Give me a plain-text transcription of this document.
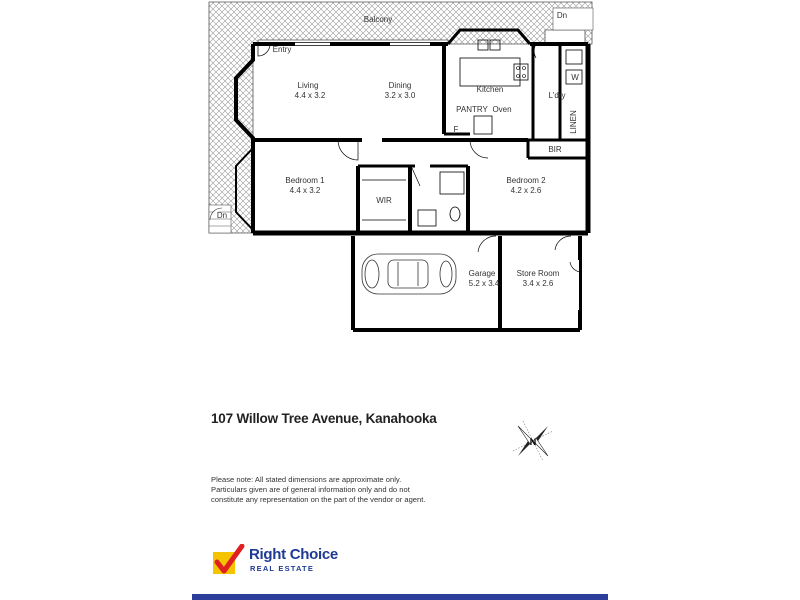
Balcony	Dn
Dn
Entry
Living
4.4 x 3.2
Dining
3.2 x 3.0
Kitchen
PANTRY Oven
F
L'dry
W
LINEN
BIR
Bedroom 1
4.4 x 3.2
WIR
Bedroom 2
4.2 x 2.6
Garage
5.2 x 3.4
Store Room
3.4 x 2.6
N
107 Willow Tree Avenue, Kanahooka
Please note: All stated dimensions are approximate only.
Particulars given are of general information only and do not
constitute any representation on the part of the vendor or agent.
Right Choice
REAL ESTATE
